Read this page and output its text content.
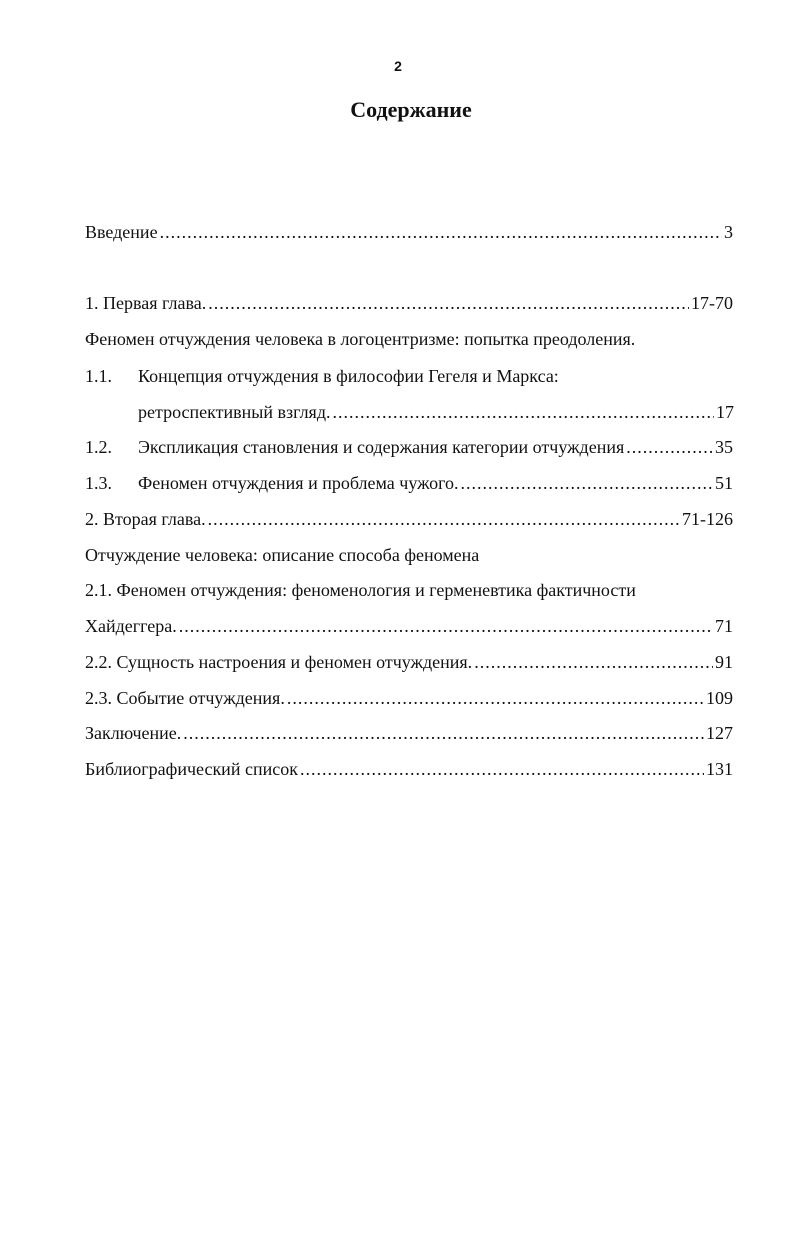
2
Содержание
Введение .....	3
1. Первая глава. .....	17-70
Феномен отчуждения человека в логоцентризме: попытка преодоления.
1.1. Концепция отчуждения в философии Гегеля и Маркса:
ретроспективный взгляд. .....	17
1.2.	Экспликация становления и содержания категории отчуждения .....	35
1.3.	Феномен отчуждения и проблема чужого. .....	51
2. Вторая глава. .....	71-126
Отчуждение человека: описание способа феномена
2.1. Феномен отчуждения: феноменология и герменевтика фактичности
Хайдеггера. .....	71
2.2. Сущность настроения и феномен отчуждения. .....	91
2.3. Событие отчуждения. .....	109
Заключение. .....	127
Библиографический список .....	131
